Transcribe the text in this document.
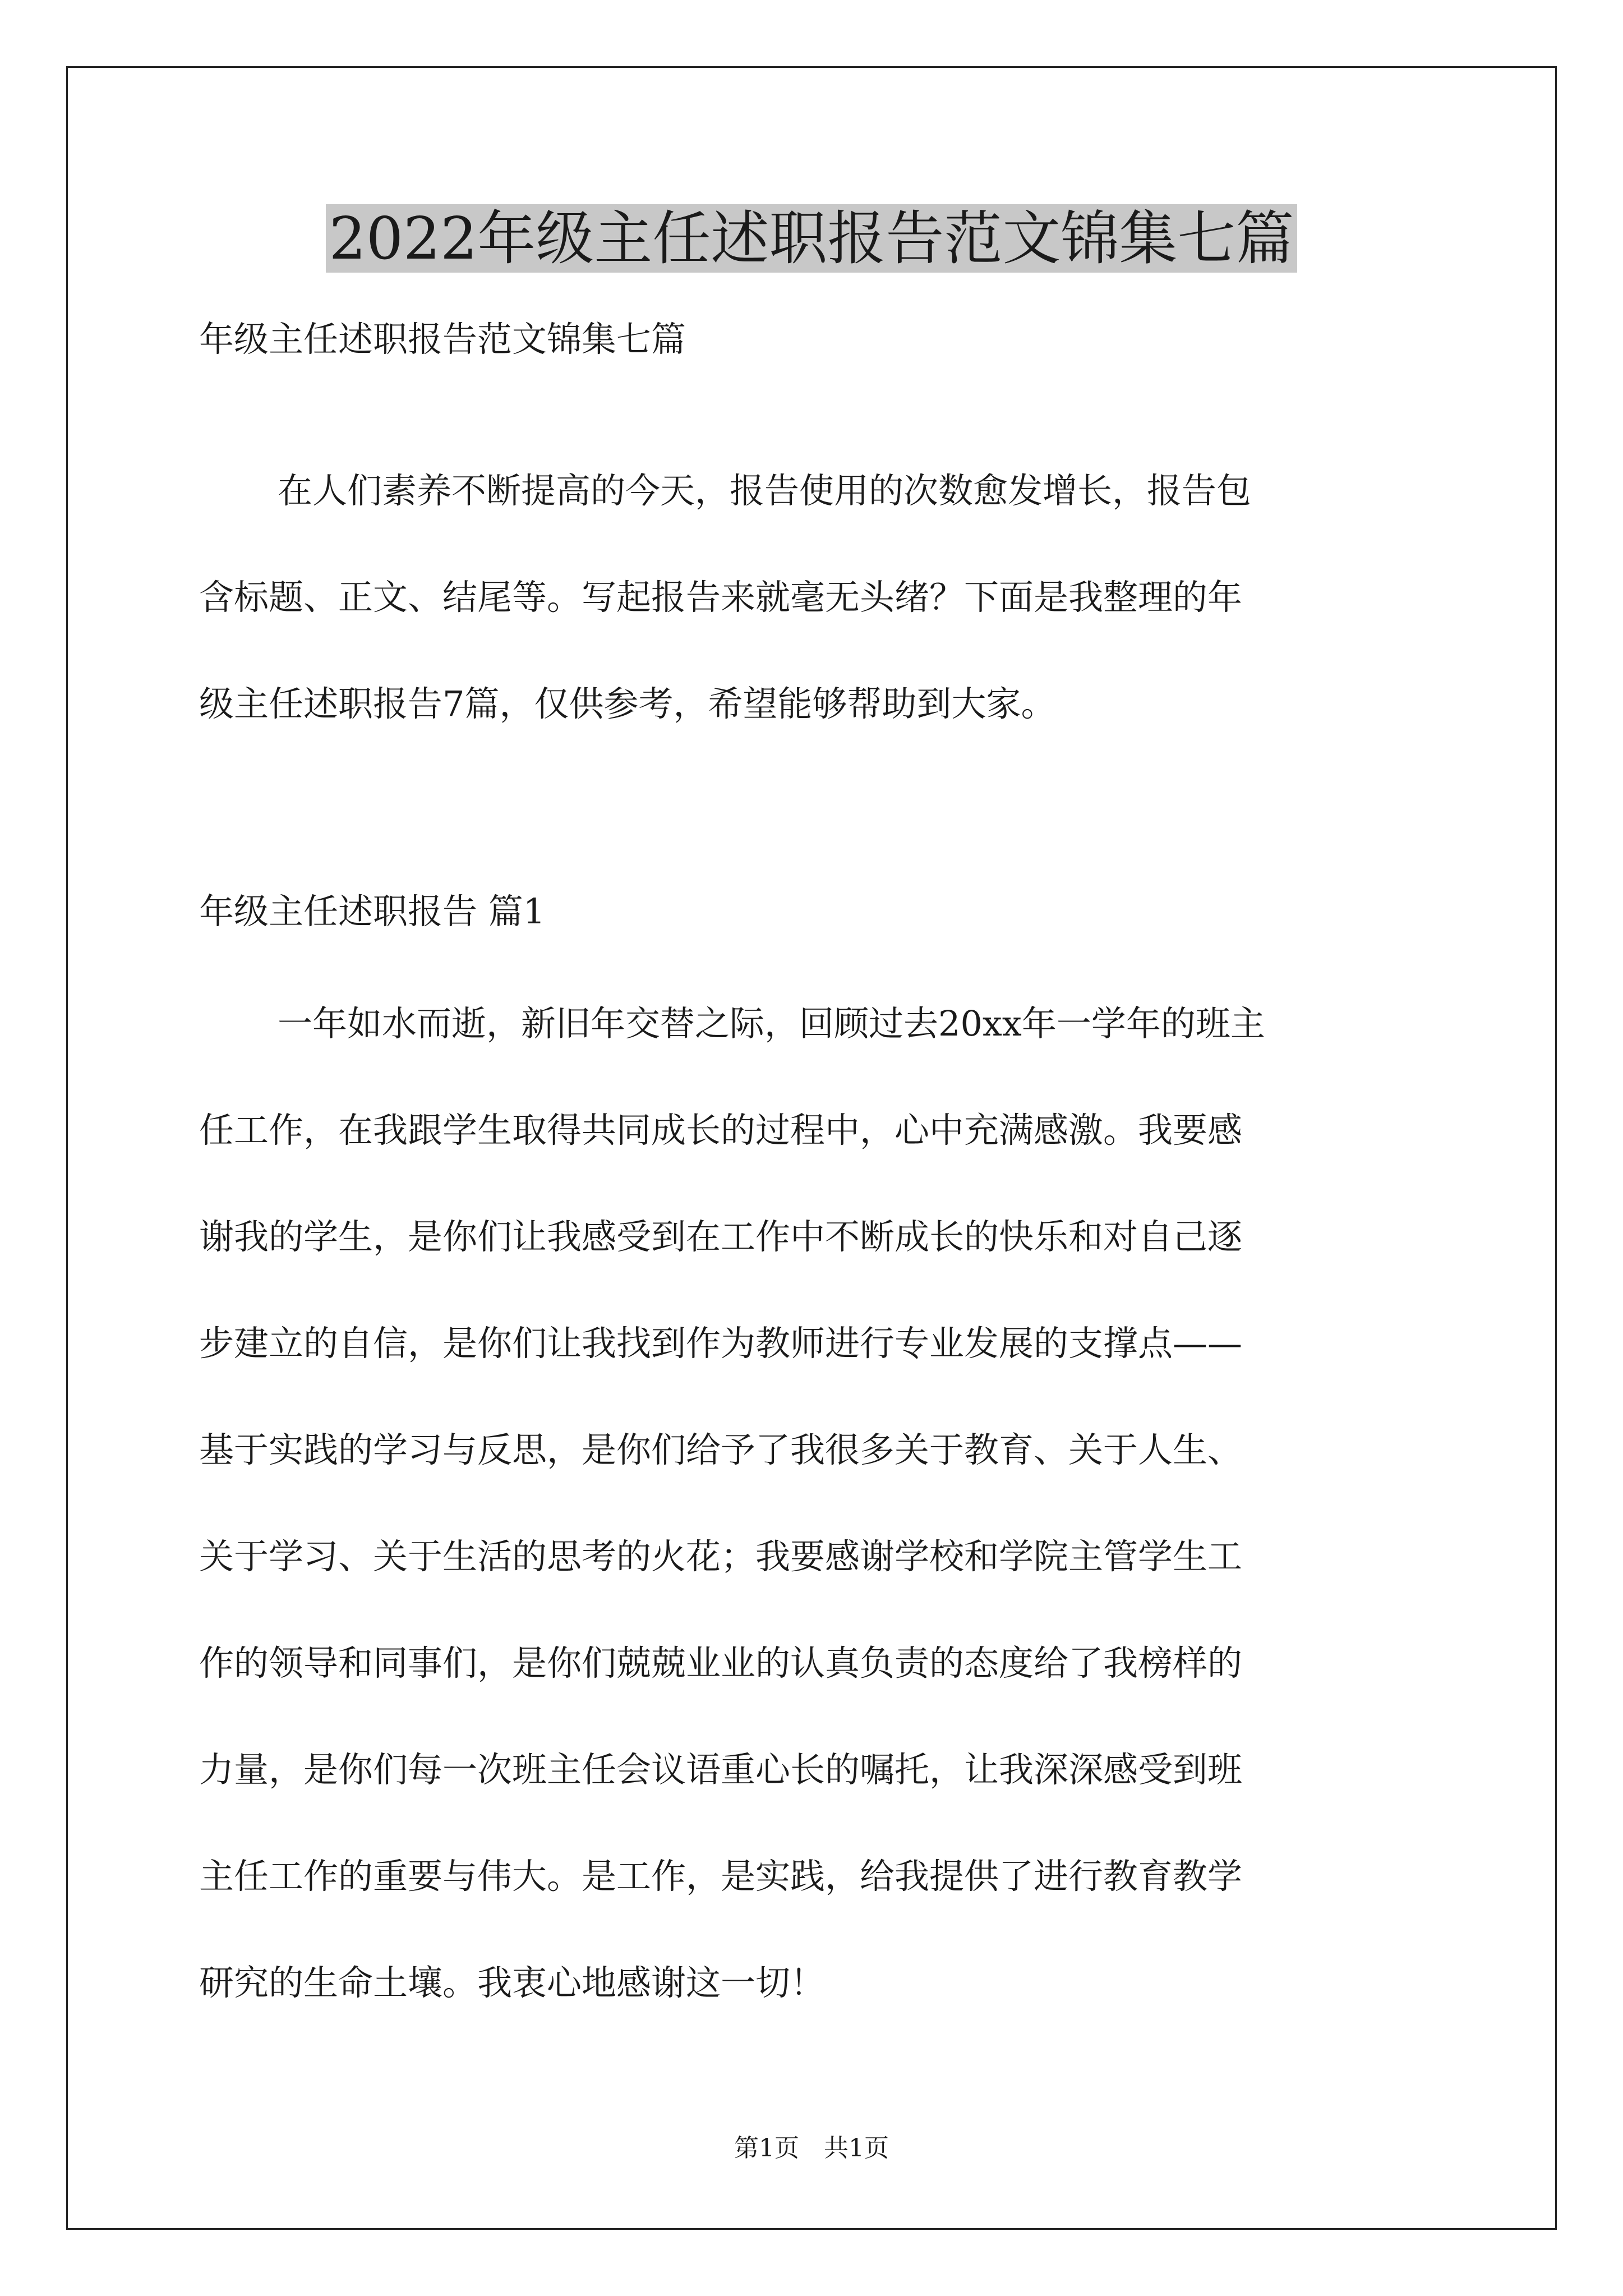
2022年级主任述职报告范文锦集七篇

年级主任述职报告范文锦集七篇

在人们素养不断提高的今天，报告使用的次数愈发增长，报告包
含标题、正文、结尾等。写起报告来就毫无头绪？下面是我整理的年
级主任述职报告7篇，仅供参考，希望能够帮助到大家。
年级主任述职报告 篇1
一年如水而逝，新旧年交替之际，回顾过去20xx年一学年的班主
任工作，在我跟学生取得共同成长的过程中，心中充满感激。我要感
谢我的学生，是你们让我感受到在工作中不断成长的快乐和对自己逐
步建立的自信，是你们让我找到作为教师进行专业发展的支撑点——
基于实践的学习与反思，是你们给予了我很多关于教育、关于人生、
关于学习、关于生活的思考的火花；我要感谢学校和学院主管学生工
作的领导和同事们，是你们兢兢业业的认真负责的态度给了我榜样的
力量，是你们每一次班主任会议语重心长的嘱托，让我深深感受到班
主任工作的重要与伟大。是工作，是实践，给我提供了进行教育教学
研究的生命土壤。我衷心地感谢这一切！
第1页　共1页
